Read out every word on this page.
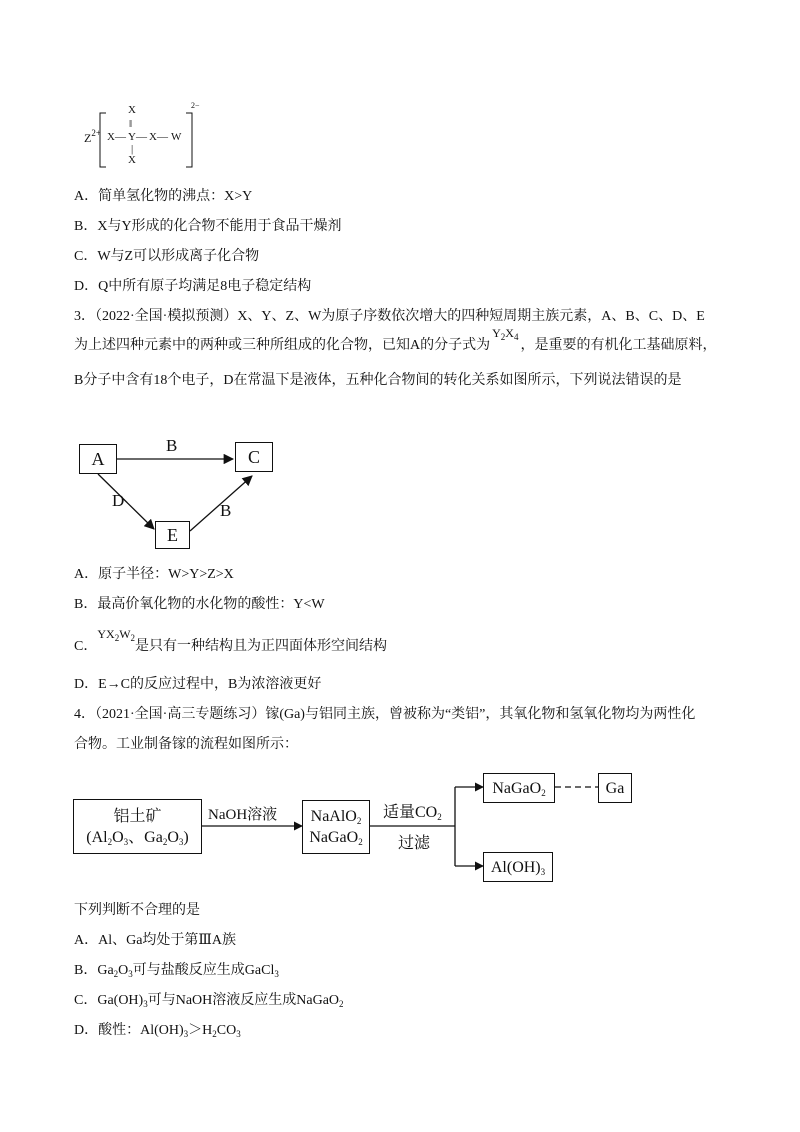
$Z^{2+}$
X
‖
X — Y — X — W
|
X
2−
A．简单氢化物的沸点：X>Y
B．X与Y形成的化合物不能用于食品干燥剂
C．W与Z可以形成离子化合物
D．Q中所有原子均满足8电子稳定结构
3．（2022·全国·模拟预测）X、Y、Z、W为原子序数依次增大的四种短周期主族元素，A、B、C、D、E
为上述四种元素中的两种或三种所组成的化合物，已知A的分子式为$Y_2X_4$，是重要的有机化工基础原料，
B分子中含有18个电子，D在常温下是液体，五种化合物间的转化关系如图所示，下列说法错误的是
A	C
E
B
D
B
A．原子半径：W>Y>Z>X
B．最高价氧化物的水化物的酸性：Y<W
C．$YX_2W_2$是只有一种结构且为正四面体形空间结构
D．E→C的反应过程中，B为浓溶液更好
4．（2021·全国·高三专题练习）镓(Ga)与铝同主族，曾被称为“类铝”，其氧化物和氢氧化物均为两性化
合物。工业制备镓的流程如图所示：
铝土矿
($Al_2O_3$、$Ga_2O_3$)
NaOH溶液 NaAlO$_2$
NaGaO$_2$
适量$CO_2$
过滤
NaGaO$_2$	Ga
$Al(OH)_3$
下列判断不合理的是
A．Al、Ga均处于第ⅢA族
B．$Ga_2O_3$可与盐酸反应生成GaCl$_3$
C．$Ga(OH)_3$可与NaOH溶液反应生成NaGaO$_2$
D．酸性：$Al(OH)_3>H_2CO_3$
